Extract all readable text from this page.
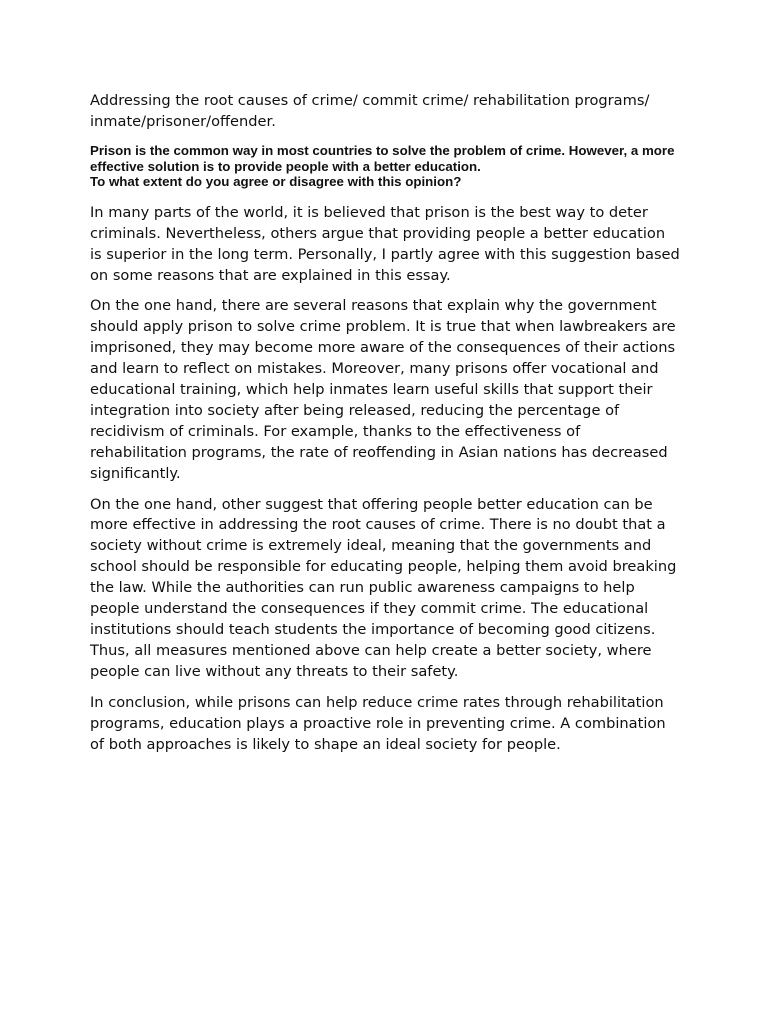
Addressing the root causes of crime/ commit crime/ rehabilitation programs/ inmate/prisoner/offender.

Prison is the common way in most countries to solve the problem of crime. However, a more effective solution is to provide people with a better education.
To what extent do you agree or disagree with this opinion?

In many parts of the world, it is believed that prison is the best way to deter criminals. Nevertheless, others argue that providing people a better education is superior in the long term. Personally, I partly agree with this suggestion based on some reasons that are explained in this essay.

On the one hand, there are several reasons that explain why the government should apply prison to solve crime problem. It is true that when lawbreakers are imprisoned, they may become more aware of the consequences of their actions and learn to reflect on mistakes. Moreover, many prisons offer vocational and educational training, which help inmates learn useful skills that support their integration into society after being released, reducing the percentage of recidivism of criminals. For example, thanks to the effectiveness of rehabilitation programs, the rate of reoffending in Asian nations has decreased significantly.

On the one hand, other suggest that offering people better education can be more effective in addressing the root causes of crime. There is no doubt that a society without crime is extremely ideal, meaning that the governments and school should be responsible for educating people, helping them avoid breaking the law. While the authorities can run public awareness campaigns to help people understand the consequences if they commit crime. The educational institutions should teach students the importance of becoming good citizens. Thus, all measures mentioned above can help create a better society, where people can live without any threats to their safety.

In conclusion, while prisons can help reduce crime rates through rehabilitation programs, education plays a proactive role in preventing crime. A combination of both approaches is likely to shape an ideal society for people.
